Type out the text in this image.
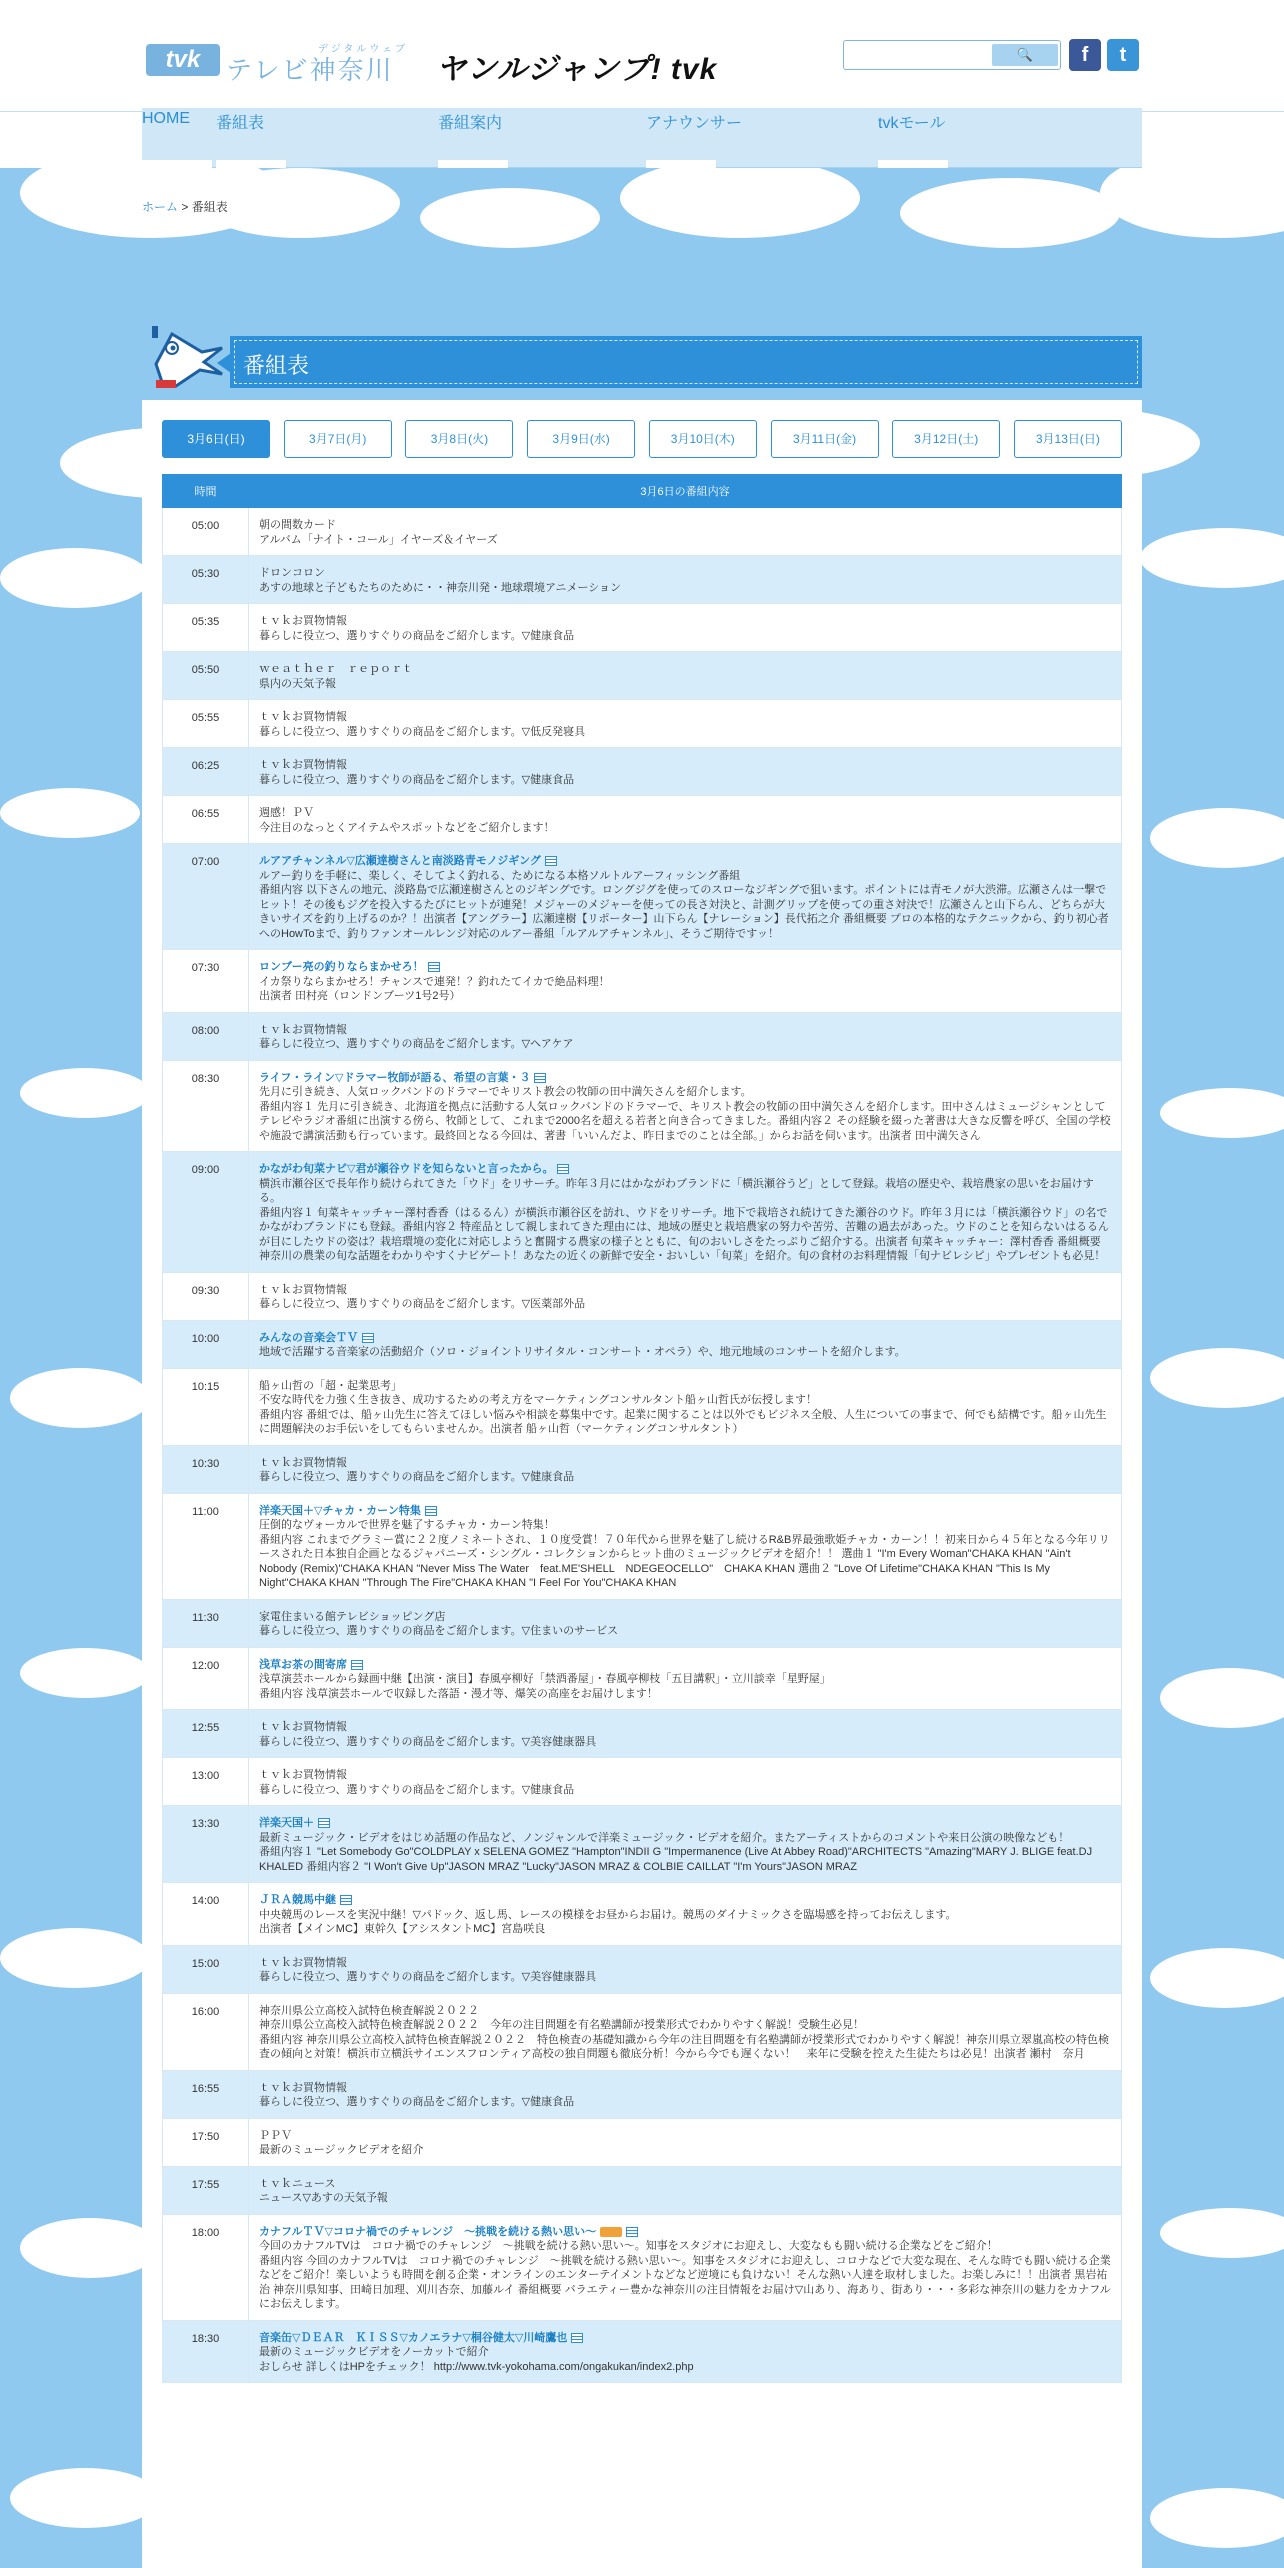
tvk	デジタルウェブ
テレビ神奈川 ヤンルジャンプ! tvk	🔍	f	t
HOME 番組表	番組案内	アナウンサー	tvkモール
ホーム > 番組表
番組表
3月6日(日)	3月7日(月)	3月8日(火)	3月9日(水)	3月10日(木)	3月11日(金)	3月12日(土)	3月13日(日)
時間	3月6日の番組内容
05:00	朝の間数カード
アルバム「ナイト・コール」イヤーズ＆イヤーズ

05:30	ドロンコロン
あすの地球と子どもたちのために・・神奈川発・地球環境アニメーション

05:35	ｔｖｋお買物情報
暮らしに役立つ、選りすぐりの商品をご紹介します。▽健康食品

05:50	ｗｅａｔｈｅｒ　ｒｅｐｏｒｔ
県内の天気予報

05:55	ｔｖｋお買物情報
暮らしに役立つ、選りすぐりの商品をご紹介します。▽低反発寝具

06:25	ｔｖｋお買物情報
暮らしに役立つ、選りすぐりの商品をご紹介します。▽健康食品

06:55	週感！ＰＶ
今注目のなっとくアイテムやスポットなどをご紹介します！

07:00	ルアアチャンネル▽広瀬達樹さんと南淡路青モノジギング
ルアー釣りを手軽に、楽しく、そしてよく釣れる、ためになる本格ソルトルアーフィッシング番組
番組内容 以下さんの地元、淡路島で広瀬達樹さんとのジギングです。ロングジグを使ってのスローなジギングで狙います。ポイントには青モノが大渋滞。広瀬さんは一撃でヒット！その後もジグを投入するたびにヒットが連発！メジャーのメジャーを使っての長さ対決と、計測グリップを使っての重さ対決で！広瀬さんと山下らん、どちらが大きいサイズを釣り上げるのか？！出演者【アングラー】広瀬達樹【リポーター】山下らん【ナレーション】長代拓之介 番組概要 プロの本格的なテクニックから、釣り初心者へのHowToまで、釣りファンオールレンジ対応のルアー番組「ルアルアチャンネル」、そうご期待ですッ！

07:30	ロンブー亮の釣りならまかせろ！
イカ祭りならまかせろ！チャンスで連発！？釣れたてイカで絶品料理！
出演者 田村亮（ロンドンブーツ1号2号）

08:00	ｔｖｋお買物情報
暮らしに役立つ、選りすぐりの商品をご紹介します。▽ヘアケア

08:30	ライフ・ライン▽ドラマー牧師が語る、希望の言葉・３
先月に引き続き、人気ロックバンドのドラマーでキリスト教会の牧師の田中満矢さんを紹介します。
番組内容１ 先月に引き続き、北海道を拠点に活動する人気ロックバンドのドラマーで、キリスト教会の牧師の田中満矢さんを紹介します。田中さんはミュージシャンとしてテレビやラジオ番組に出演する傍ら、牧師として、これまで2000名を超える若者と向き合ってきました。番組内容２ その経験を綴った著書は大きな反響を呼び、全国の学校や施設で講演活動も行っています。最終回となる今回は、著書「いいんだよ、昨日までのことは全部。」からお話を伺います。出演者 田中満矢さん

09:00	かながわ旬菜ナビ▽君が瀬谷ウドを知らないと言ったから。
横浜市瀬谷区で長年作り続けられてきた「ウド」をリサーチ。昨年３月にはかながわブランドに「横浜瀬谷うど」として登録。栽培の歴史や、栽培農家の思いをお届けする。
番組内容１ 旬菜キャッチャー澤村香香（はるるん）が横浜市瀬谷区を訪れ、ウドをリサーチ。地下で栽培され続けてきた瀬谷のウド。昨年３月には「横浜瀬谷ウド」の名でかながわブランドにも登録。番組内容２ 特産品として親しまれてきた理由には、地域の歴史と栽培農家の努力や苦労、苦難の過去があった。ウドのことを知らないはるるんが目にしたウドの姿は？栽培環境の変化に対応しようと奮闘する農家の様子とともに、旬のおいしさをたっぷりご紹介する。出演者 旬菜キャッチャー：澤村香香 番組概要 神奈川の農業の旬な話題をわかりやすくナビゲート！あなたの近くの新鮮で安全・おいしい「旬菜」を紹介。旬の食材のお料理情報「旬ナビレシピ」やプレゼントも必見！

09:30	ｔｖｋお買物情報
暮らしに役立つ、選りすぐりの商品をご紹介します。▽医薬部外品

10:00	みんなの音楽会ＴＶ
地域で活躍する音楽家の活動紹介（ソロ・ジョイントリサイタル・コンサート・オペラ）や、地元地域のコンサートを紹介します。

10:15	船ヶ山哲の「超・起業思考」
不安な時代を力強く生き抜き、成功するための考え方をマーケティングコンサルタント船ヶ山哲氏が伝授します！
番組内容 番組では、船ヶ山先生に答えてほしい悩みや相談を募集中です。起業に関することは以外でもビジネス全般、人生についての事まで、何でも結構です。船ヶ山先生に問題解決のお手伝いをしてもらいませんか。出演者 船ヶ山哲（マーケティングコンサルタント）

10:30	ｔｖｋお買物情報
暮らしに役立つ、選りすぐりの商品をご紹介します。▽健康食品

11:00	洋楽天国＋▽チャカ・カーン特集
圧倒的なヴォーカルで世界を魅了するチャカ・カーン特集！
番組内容 これまでグラミー賞に２２度ノミネートされ、１０度受賞！７０年代から世界を魅了し続けるR&B界最強歌姫チャカ・カーン！！初来日から４５年となる今年リリースされた日本独自企画となるジャパニーズ・シングル・コレクションからヒット曲のミュージックビデオを紹介！！ 選曲１ "I'm Every Woman"CHAKA KHAN "Ain't Nobody (Remix)"CHAKA KHAN "Never Miss The Water　feat.ME'SHELL　NDEGEOCELLO"　CHAKA KHAN 選曲２ "Love Of Lifetime"CHAKA KHAN "This Is My Night"CHAKA KHAN "Through The Fire"CHAKA KHAN "I Feel For You"CHAKA KHAN

11:30	家電住まいる館テレビショッピング店
暮らしに役立つ、選りすぐりの商品をご紹介します。▽住まいのサービス

12:00	浅草お茶の間寄席
浅草演芸ホールから録画中継【出演・演目】春風亭柳好「禁酒番屋」・春風亭柳枝「五目講釈」・立川談幸「星野屋」
番組内容 浅草演芸ホールで収録した落語・漫才等、爆笑の高座をお届けします！

12:55	ｔｖｋお買物情報
暮らしに役立つ、選りすぐりの商品をご紹介します。▽美容健康器具

13:00	ｔｖｋお買物情報
暮らしに役立つ、選りすぐりの商品をご紹介します。▽健康食品

13:30	洋楽天国＋
最新ミュージック・ビデオをはじめ話題の作品など、ノンジャンルで洋楽ミュージック・ビデオを紹介。またアーティストからのコメントや来日公演の映像なども！
番組内容１ "Let Somebody Go"COLDPLAY x SELENA GOMEZ "Hampton"INDII G "Impermanence (Live At Abbey Road)"ARCHITECTS "Amazing"MARY J. BLIGE feat.DJ KHALED 番組内容２ "I Won't Give Up"JASON MRAZ "Lucky"JASON MRAZ & COLBIE CAILLAT "I'm Yours"JASON MRAZ

14:00	ＪＲＡ競馬中継
中央競馬のレースを実況中継！▽パドック、返し馬、レースの模様をお昼からお届け。競馬のダイナミックさを臨場感を持ってお伝えします。
出演者【メインMC】東幹久【アシスタントMC】宮島咲良

15:00	ｔｖｋお買物情報
暮らしに役立つ、選りすぐりの商品をご紹介します。▽美容健康器具

16:00	神奈川県公立高校入試特色検査解説２０２２
神奈川県公立高校入試特色検査解説２０２２　今年の注目問題を有名塾講師が授業形式でわかりやすく解説！受験生必見！
番組内容 神奈川県公立高校入試特色検査解説２０２２　特色検査の基礎知識から今年の注目問題を有名塾講師が授業形式でわかりやすく解説！神奈川県立翠嵐高校の特色検査の傾向と対策！横浜市立横浜サイエンスフロンティア高校の独自問題も徹底分析！今から今でも遅くない！　来年に受験を控えた生徒たちは必見！出演者 瀬村　奈月

16:55	ｔｖｋお買物情報
暮らしに役立つ、選りすぐりの商品をご紹介します。▽健康食品

17:50	ＰＰＶ
最新のミュージックビデオを紹介

17:55	ｔｖｋニュース
ニュース▽あすの天気予報

18:00	カナフルＴＶ▽コロナ禍でのチャレンジ　～挑戦を続ける熱い思い～
今回のカナフルTVは　コロナ禍でのチャレンジ　～挑戦を続ける熱い思い～。知事をスタジオにお迎えし、大変なもも闘い続ける企業などをご紹介！
番組内容 今回のカナフルTVは　コロナ禍でのチャレンジ　～挑戦を続ける熱い思い～。知事をスタジオにお迎えし、コロナなどで大変な現在、そんな時でも闘い続ける企業などをご紹介！楽しいようも時間を創る企業・オンラインのエンターテイメントなどなど逆境にも負けない！そんな熱い人達を取材しました。お楽しみに！！出演者 黒岩祐治 神奈川県知事、田崎日加理、刈川杏奈、加藤ルイ 番組概要 バラエティー豊かな神奈川の注目情報をお届け▽山あり、海あり、街あり・・・多彩な神奈川の魅力をカナフルにお伝えします。

18:30	音楽缶▽ＤＥＡＲ　ＫＩＳＳ▽カノエラナ▽桐谷健太▽川崎鷹也
最新のミュージックビデオをノーカットで紹介
おしらせ 詳しくはHPをチェック！ http://www.tvk-yokohama.com/ongakukan/index2.php
